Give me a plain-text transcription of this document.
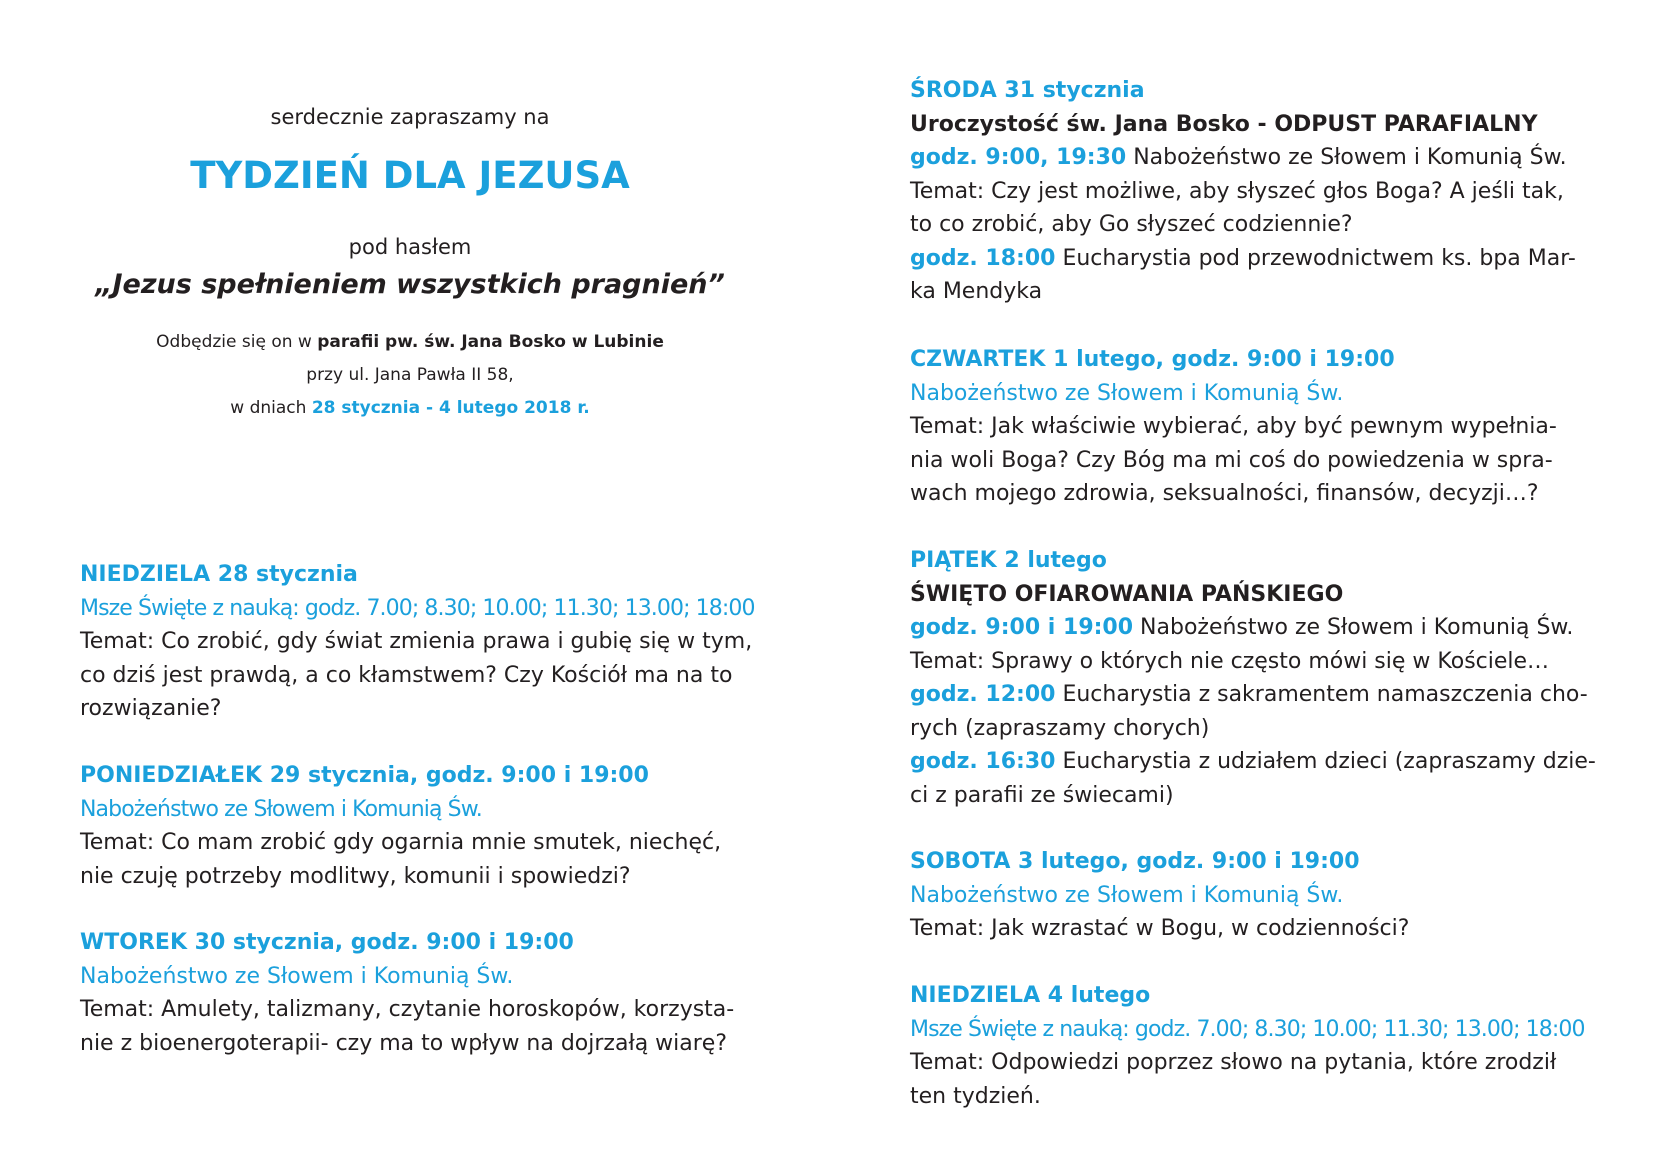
serdecznie zapraszamy na
TYDZIEŃ DLA JEZUSA
pod hasłem
„Jezus spełnieniem wszystkich pragnień”
Odbędzie się on w parafii pw. św. Jana Bosko w Lubinie
przy ul. Jana Pawła II 58,
w dniach 28 stycznia - 4 lutego 2018 r.
NIEDZIELA 28 stycznia
Msze Święte z nauką: godz. 7.00; 8.30; 10.00; 11.30; 13.00; 18:00
Temat: Co zrobić, gdy świat zmienia prawa i gubię się w tym,
co dziś jest prawdą, a co kłamstwem? Czy Kościół ma na to
rozwiązanie?
PONIEDZIAŁEK 29 stycznia, godz. 9:00 i 19:00
Nabożeństwo ze Słowem i Komunią Św.
Temat: Co mam zrobić gdy ogarnia mnie smutek, niechęć,
nie czuję potrzeby modlitwy, komunii i spowiedzi?
WTOREK 30 stycznia, godz. 9:00 i 19:00
Nabożeństwo ze Słowem i Komunią Św.
Temat: Amulety, talizmany, czytanie horoskopów, korzysta-
nie z bioenergoterapii- czy ma to wpływ na dojrzałą wiarę?
ŚRODA 31 stycznia
Uroczystość św. Jana Bosko - ODPUST PARAFIALNY
godz. 9:00, 19:30 Nabożeństwo ze Słowem i Komunią Św.
Temat: Czy jest możliwe, aby słyszeć głos Boga? A jeśli tak,
to co zrobić, aby Go słyszeć codziennie?
godz. 18:00 Eucharystia pod przewodnictwem ks. bpa Mar-
ka Mendyka
CZWARTEK 1 lutego, godz. 9:00 i 19:00
Nabożeństwo ze Słowem i Komunią Św.
Temat: Jak właściwie wybierać, aby być pewnym wypełnia-
nia woli Boga? Czy Bóg ma mi coś do powiedzenia w spra-
wach mojego zdrowia, seksualności, finansów, decyzji…?
PIĄTEK 2 lutego
ŚWIĘTO OFIAROWANIA PAŃSKIEGO
godz. 9:00 i 19:00 Nabożeństwo ze Słowem i Komunią Św.
Temat: Sprawy o których nie często mówi się w Kościele…
godz. 12:00 Eucharystia z sakramentem namaszczenia cho-
rych (zapraszamy chorych)
godz. 16:30 Eucharystia z udziałem dzieci (zapraszamy dzie-
ci z parafii ze świecami)
SOBOTA 3 lutego, godz. 9:00 i 19:00
Nabożeństwo ze Słowem i Komunią Św.
Temat: Jak wzrastać w Bogu, w codzienności?
NIEDZIELA 4 lutego
Msze Święte z nauką: godz. 7.00; 8.30; 10.00; 11.30; 13.00; 18:00
Temat: Odpowiedzi poprzez słowo na pytania, które zrodził
ten tydzień.
